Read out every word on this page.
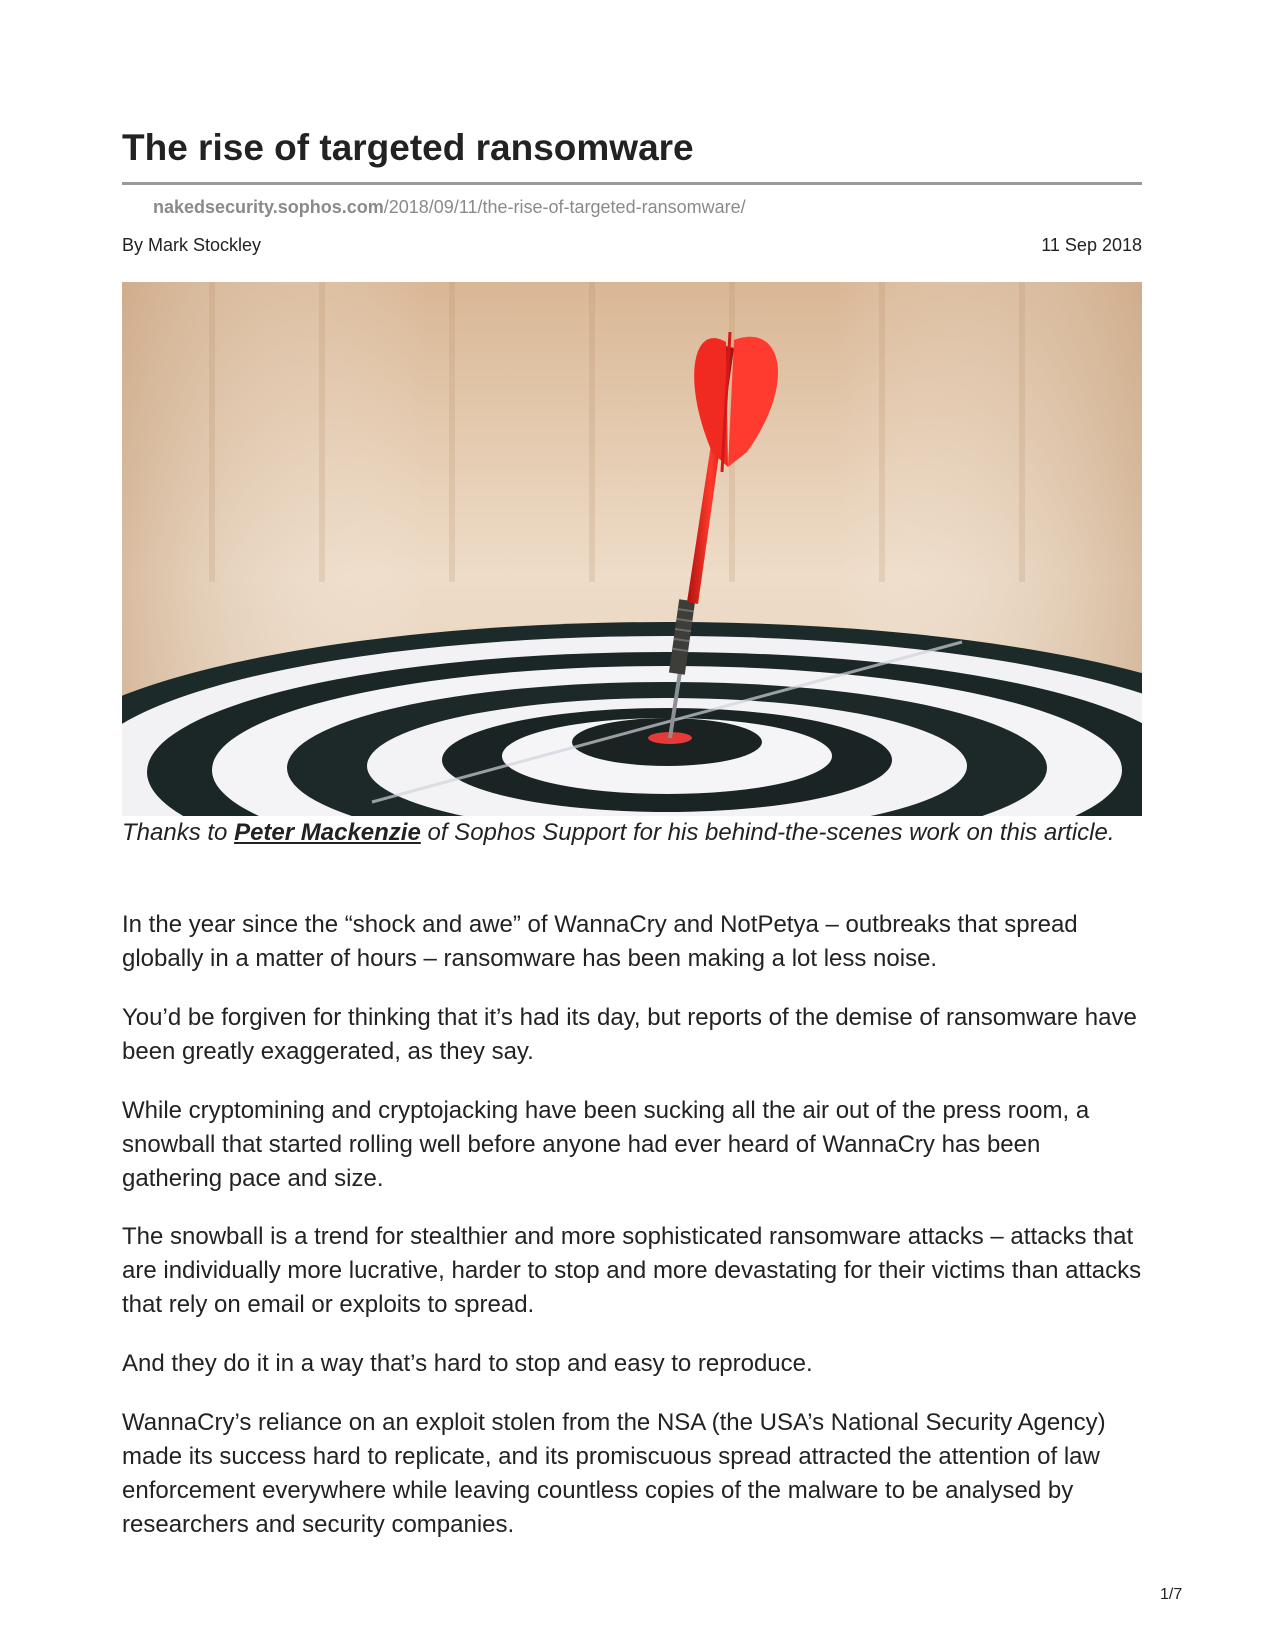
The rise of targeted ransomware
nakedsecurity.sophos.com/2018/09/11/the-rise-of-targeted-ransomware/
By Mark Stockley	11 Sep 2018

Thanks to Peter Mackenzie of Sophos Support for his behind-the-scenes work on this article.

In the year since the “shock and awe” of WannaCry and NotPetya – outbreaks that spread globally in a matter of hours – ransomware has been making a lot less noise.

You’d be forgiven for thinking that it’s had its day, but reports of the demise of ransomware have been greatly exaggerated, as they say.

While cryptomining and cryptojacking have been sucking all the air out of the press room, a snowball that started rolling well before anyone had ever heard of WannaCry has been gathering pace and size.

The snowball is a trend for stealthier and more sophisticated ransomware attacks – attacks that are individually more lucrative, harder to stop and more devastating for their victims than attacks that rely on email or exploits to spread.

And they do it in a way that’s hard to stop and easy to reproduce.

WannaCry’s reliance on an exploit stolen from the NSA (the USA’s National Security Agency) made its success hard to replicate, and its promiscuous spread attracted the attention of law enforcement everywhere while leaving countless copies of the malware to be analysed by researchers and security companies.

1/7
